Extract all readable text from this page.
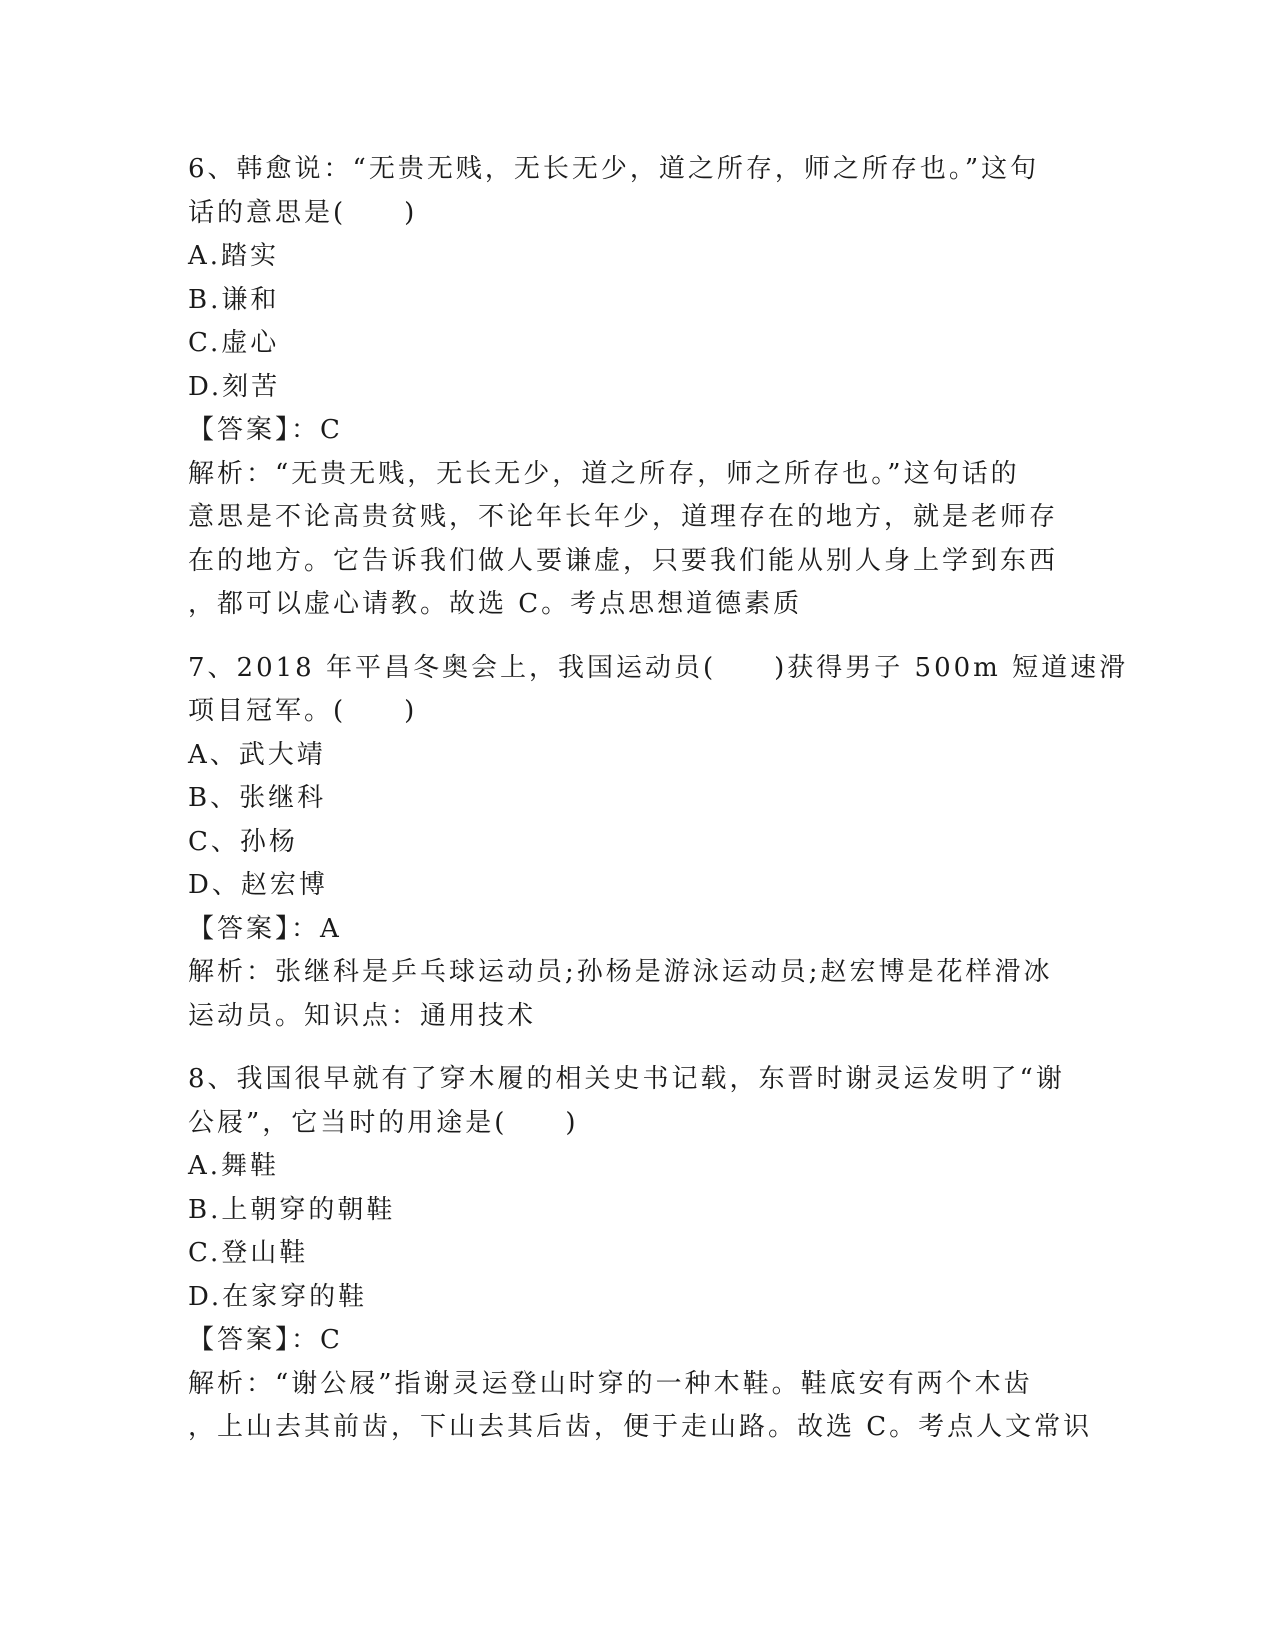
6、韩愈说：“无贵无贱，无长无少，道之所存，师之所存也。”这句

话的意思是(　　)

A.踏实

B.谦和

C.虚心

D.刻苦

【答案】：C

解析：“无贵无贱，无长无少，道之所存，师之所存也。”这句话的

意思是不论高贵贫贱，不论年长年少，道理存在的地方，就是老师存

在的地方。它告诉我们做人要谦虚，只要我们能从别人身上学到东西

，都可以虚心请教。故选 C。考点思想道德素质

7、2018 年平昌冬奥会上，我国运动员(　　)获得男子 500m 短道速滑

项目冠军。(　　)

A、武大靖

B、张继科

C、孙杨

D、赵宏博

【答案】：A

解析：张继科是乒乓球运动员;孙杨是游泳运动员;赵宏博是花样滑冰

运动员。知识点：通用技术

8、我国很早就有了穿木履的相关史书记载，东晋时谢灵运发明了“谢

公屐”，它当时的用途是(　　)

A.舞鞋

B.上朝穿的朝鞋

C.登山鞋

D.在家穿的鞋

【答案】：C

解析：“谢公屐”指谢灵运登山时穿的一种木鞋。鞋底安有两个木齿

，上山去其前齿，下山去其后齿，便于走山路。故选 C。考点人文常识
